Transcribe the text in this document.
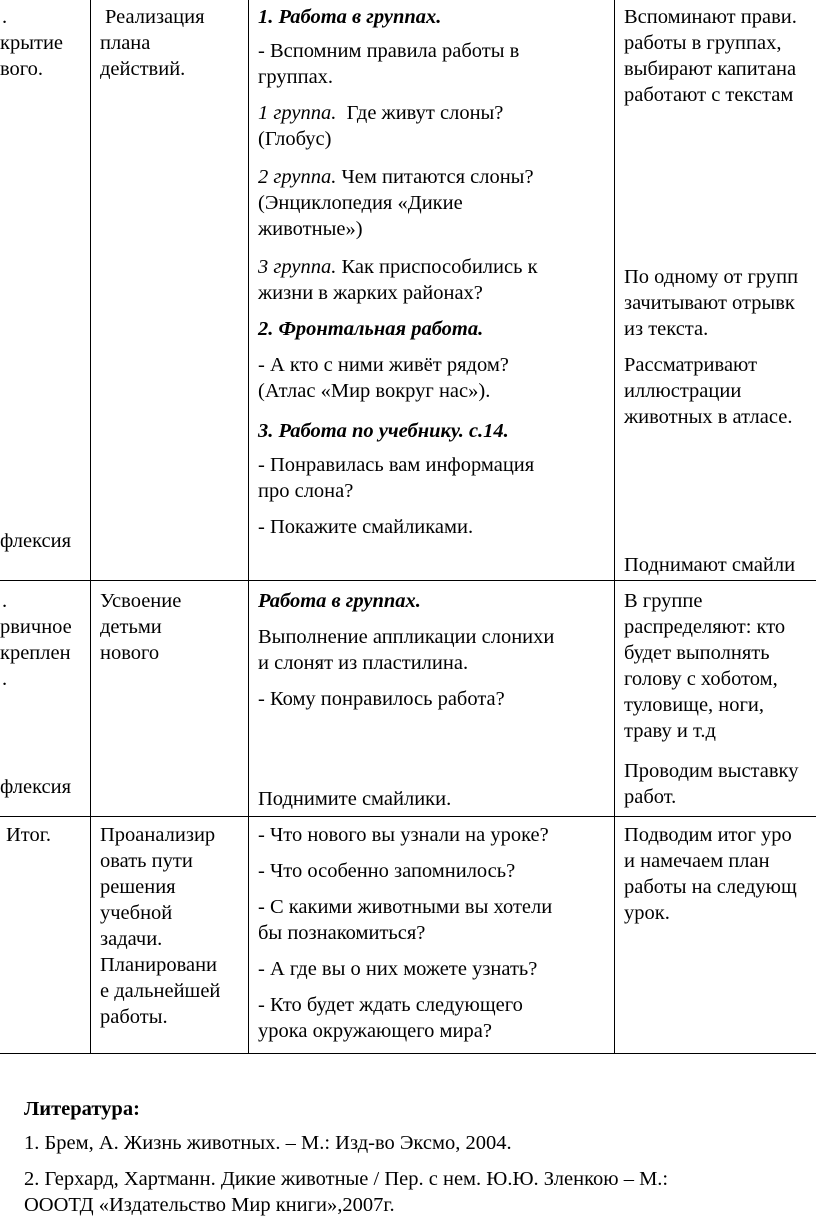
.
крытие
вого.
флексия
Реализация
плана
действий.
1. Работа в группах.
- Вспомним правила работы в
группах.
1 группа. Где живут слоны?
(Глобус)
2 группа. Чем питаются слоны?
(Энциклопедия «Дикие
животные»)
3 группа. Как приспособились к
жизни в жарких районах?
2. Фронтальная работа.
- А кто с ними живёт рядом?
(Атлас «Мир вокруг нас»).
3. Работа по учебнику. с.14.
- Понравилась вам информация
про слона?
- Покажите смайликами.
Вспоминают прави.
работы в группах,
выбирают капитана
работают с текстам
По одному от групп
зачитывают отрывк
из текста.
Рассматривают
иллюстрации
животных в атласе.
Поднимают смайли
.
рвичное
креплен
.
флексия
Усвоение
детьми
нового
Работа в группах.
Выполнение аппликации слонихи
и слонят из пластилина.
- Кому понравилось работа?
Поднимите смайлики.
В группе
распределяют: кто
будет выполнять
голову с хоботом,
туловище, ноги,
траву и т.д
Проводим выставку
работ.
Итог. Проанализир
овать пути
решения
учебной
задачи.
Планировани
е дальнейшей
работы.
- Что нового вы узнали на уроке?
- Что особенно запомнилось?
- С какими животными вы хотели
бы познакомиться?
- А где вы о них можете узнать?
- Кто будет ждать следующего
урока окружающего мира?
Подводим итог уро
и намечаем план
работы на следующ
урок.
Литература:
1. Брем, А. Жизнь животных. – М.: Изд-во Эксмо, 2004.
2. Герхард, Хартманн. Дикие животные / Пер. с нем. Ю.Ю. Зленкою – М.:
ОООТД «Издательство Мир книги»,2007г.
